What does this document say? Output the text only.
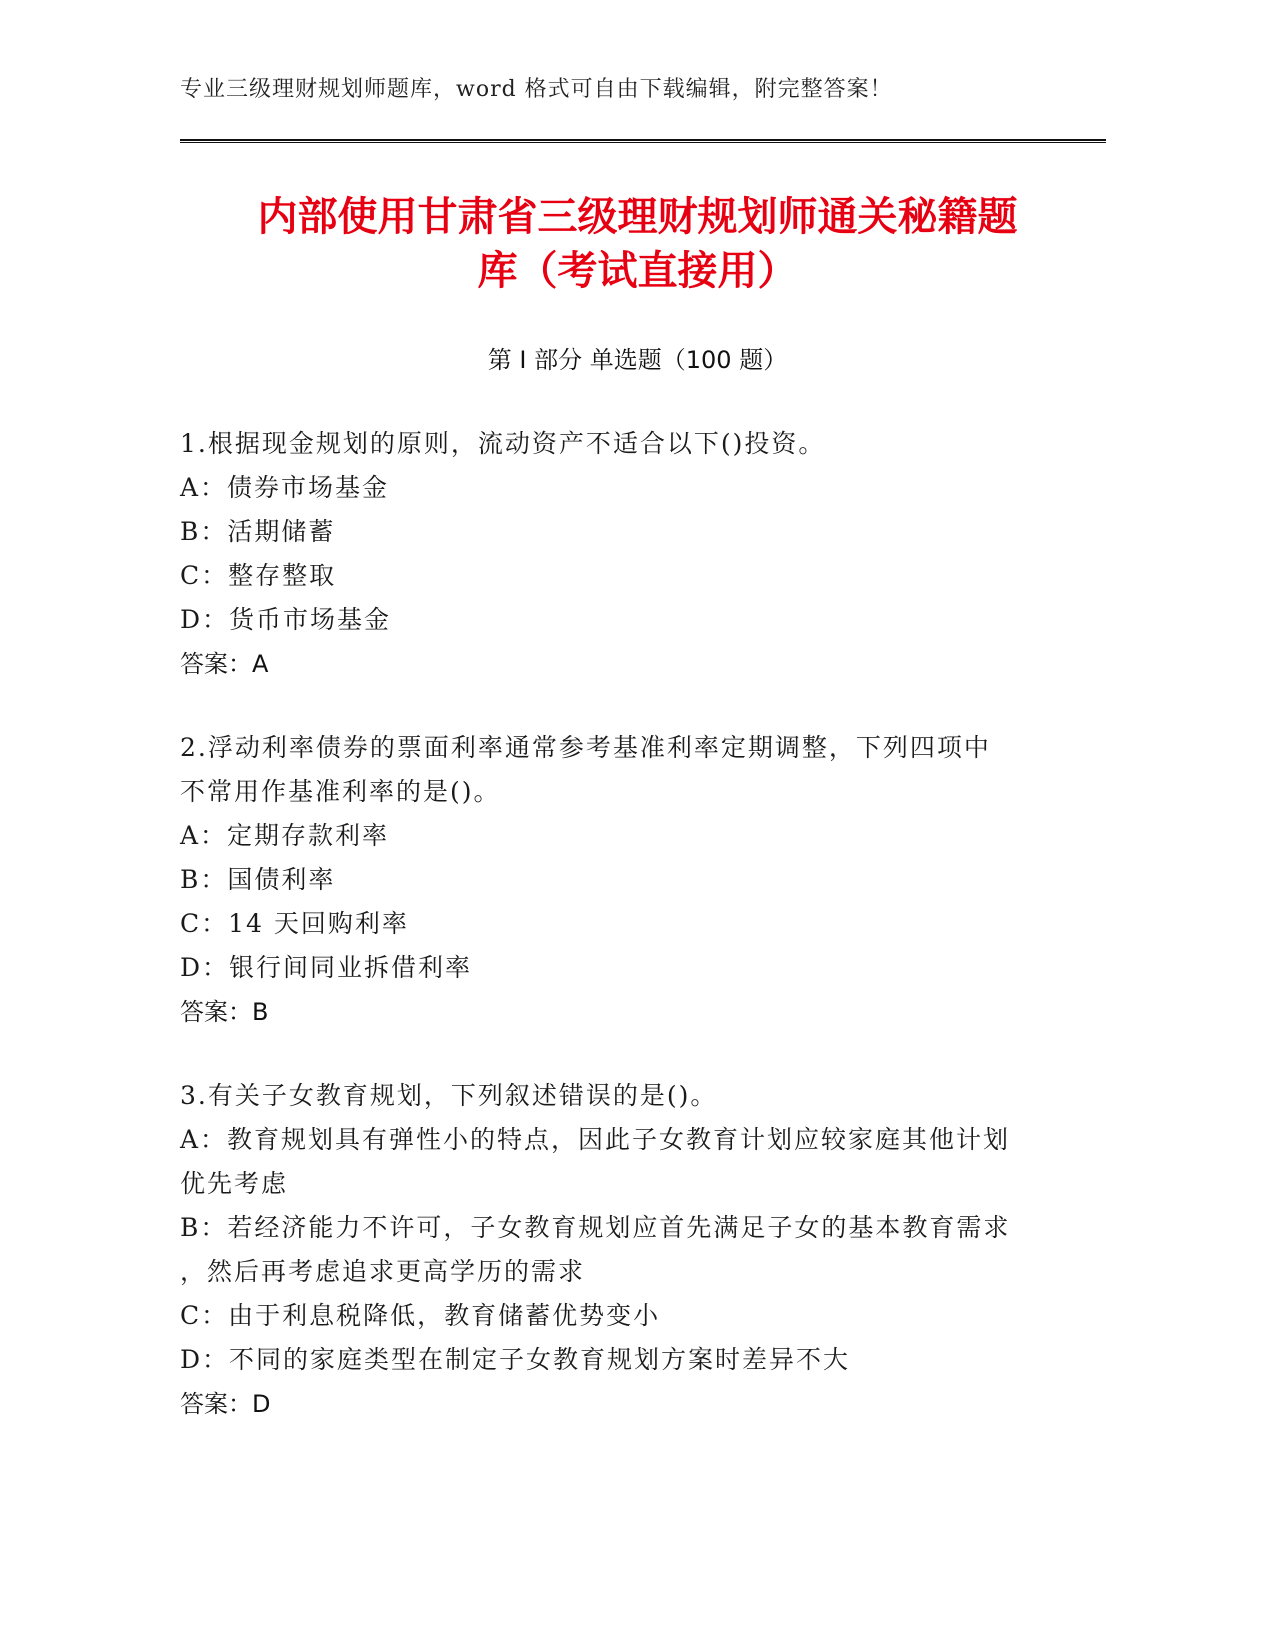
专业三级理财规划师题库，word 格式可自由下载编辑，附完整答案！
内部使用甘肃省三级理财规划师通关秘籍题
库（考试直接用）
第 I 部分 单选题（100 题）
1.根据现金规划的原则，流动资产不适合以下()投资。
A：债券市场基金
B：活期储蓄
C：整存整取
D：货币市场基金
答案：A
2.浮动利率债券的票面利率通常参考基准利率定期调整，下列四项中
不常用作基准利率的是()。
A：定期存款利率
B：国债利率
C：14 天回购利率
D：银行间同业拆借利率
答案：B
3.有关子女教育规划，下列叙述错误的是()。
A：教育规划具有弹性小的特点，因此子女教育计划应较家庭其他计划
优先考虑
B：若经济能力不许可，子女教育规划应首先满足子女的基本教育需求
，然后再考虑追求更高学历的需求
C：由于利息税降低，教育储蓄优势变小
D：不同的家庭类型在制定子女教育规划方案时差异不大
答案：D
